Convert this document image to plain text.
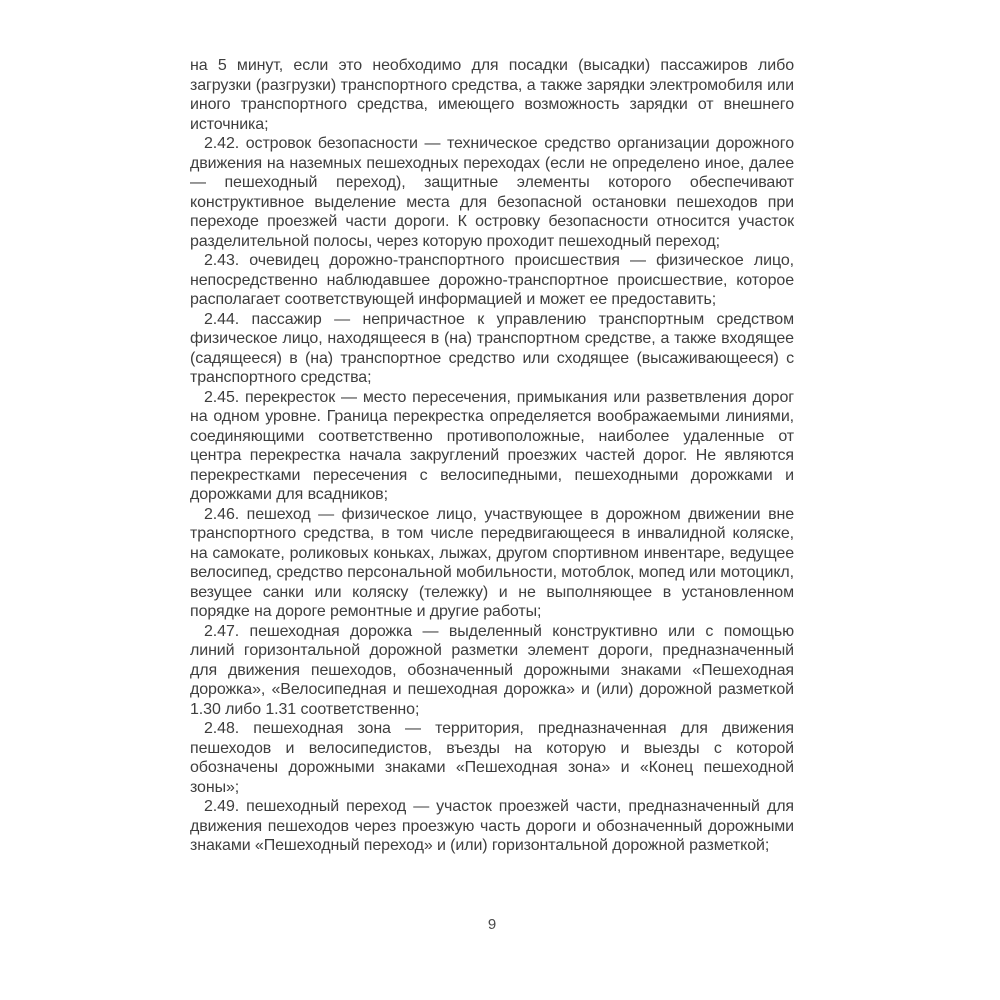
на 5 минут, если это необходимо для посадки (высадки) пассажиров либо загрузки (разгрузки) транспортного средства, а также зарядки электромобиля или иного транспортного средства, имеющего возможность зарядки от внешнего источника;

2.42. островок безопасности — техническое средство организации дорожного движения на наземных пешеходных переходах (если не определено иное, далее — пешеходный переход), защитные элементы которого обеспечивают конструктивное выделение места для безопасной остановки пешеходов при переходе проезжей части дороги. К островку безопасности относится участок разделительной полосы, через которую проходит пешеходный переход;

2.43. очевидец дорожно-транспортного происшествия — физическое лицо, непосредственно наблюдавшее дорожно-транспортное происшествие, которое располагает соответствующей информацией и может ее предоставить;

2.44. пассажир — непричастное к управлению транспортным средством физическое лицо, находящееся в (на) транспортном средстве, а также входящее (садящееся) в (на) транспортное средство или сходящее (высаживающееся) с транспортного средства;

2.45. перекресток — место пересечения, примыкания или разветвления дорог на одном уровне. Граница перекрестка определяется воображаемыми линиями, соединяющими соответственно противоположные, наиболее удаленные от центра перекрестка начала закруглений проезжих частей дорог. Не являются перекрестками пересечения с велосипедными, пешеходными дорожками и дорожками для всадников;

2.46. пешеход — физическое лицо, участвующее в дорожном движении вне транспортного средства, в том числе передвигающееся в инвалидной коляске, на самокате, роликовых коньках, лыжах, другом спортивном инвентаре, ведущее велосипед, средство персональной мобильности, мотоблок, мопед или мотоцикл, везущее санки или коляску (тележку) и не выполняющее в установленном порядке на дороге ремонтные и другие работы;

2.47. пешеходная дорожка — выделенный конструктивно или с помощью линий горизонтальной дорожной разметки элемент дороги, предназначенный для движения пешеходов, обозначенный дорожными знаками «Пешеходная дорожка», «Велосипедная и пешеходная дорожка» и (или) дорожной разметкой 1.30 либо 1.31 соответственно;

2.48. пешеходная зона — территория, предназначенная для движения пешеходов и велосипедистов, въезды на которую и выезды с которой обозначены дорожными знаками «Пешеходная зона» и «Конец пешеходной зоны»;

2.49. пешеходный переход — участок проезжей части, предназначенный для движения пешеходов через проезжую часть дороги и обозначенный дорожными знаками «Пешеходный переход» и (или) горизонтальной дорожной разметкой;

9
